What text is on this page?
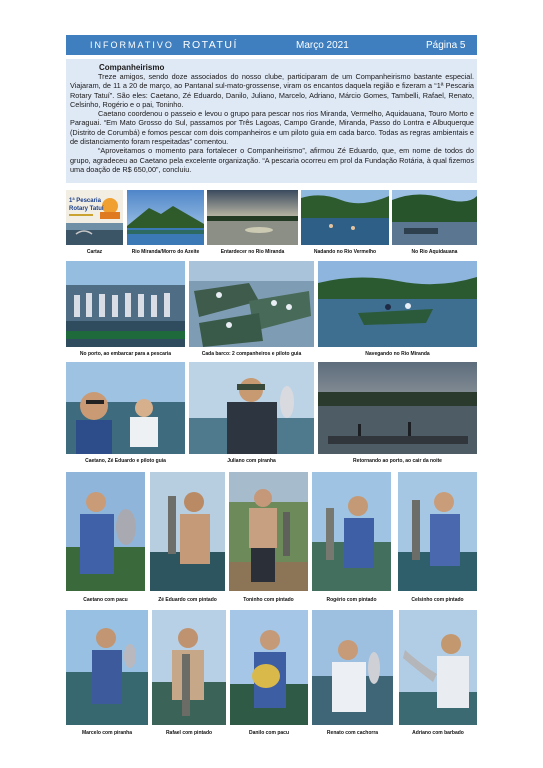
INFORMATIVO ROTATUÍ	Março 2021	Página 5
Companheirismo

Treze amigos, sendo doze associados do nosso clube, participaram de um Companheirismo bastante especial. Viajaram, de 11 a 20 de março, ao Pantanal sul-mato-grossense, viram os encantos daquela região e fizeram a “1ª Pescaria Rotary Tatuí”. São eles: Caetano, Zé Eduardo, Danilo, Juliano, Marcelo, Adriano, Márcio Gomes, Tambelli, Rafael, Renato, Celsinho, Rogério e o pai, Toninho.

Caetano coordenou o passeio e levou o grupo para pescar nos rios Miranda, Vermelho, Aquidauana, Touro Morto e Paraguai. “Em Mato Grosso do Sul, passamos por Três Lagoas, Campo Grande, Miranda, Passo do Lontra e Albuquerque (Distrito de Corumbá) e fomos pescar com dois companheiros e um piloto guia em cada barco. Todas as regras ambientais e de distanciamento foram respeitadas” comentou.

“Aproveitamos o momento para fortalecer o Companheirismo”, afirmou Zé Eduardo, que, em nome de todos do grupo, agradeceu ao Caetano pela excelente organização. “A pescaria ocorreu em prol da Fundação Rotária, à qual fizemos uma doação de R$ 650,00”, concluiu.

1ª Pescaria
Rotary Tatuí
Cartaz	Rio Miranda/Morro do Azeite	Entardecer no Rio Miranda	Nadando no Rio Vermelho	No Rio Aquidauana
No porto, ao embarcar para a pescaria	Cada barco: 2 companheiros e piloto guia	Navegando no Rio Miranda
Caetano, Zé Eduardo e piloto guia	Juliano com piranha	Retornando ao porto, ao cair da noite
Caetano com pacu	Zé Eduardo com pintado	Toninho com pintado	Rogério com pintado	Celsinho com pintado
Marcelo com piranha	Rafael com pintado	Danilo com pacu	Renato com cachorra	Adriano com barbado
